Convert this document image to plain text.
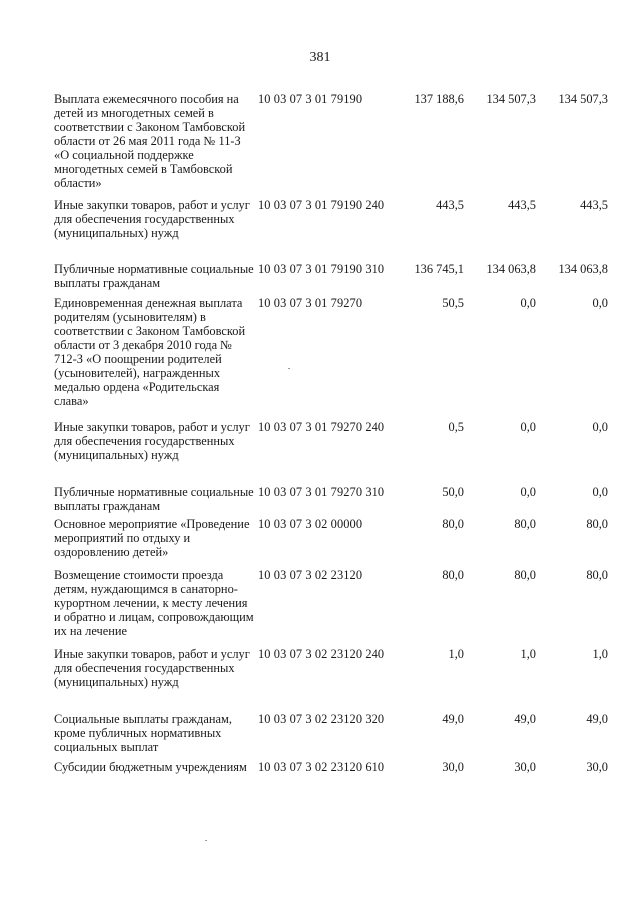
381
Выплата ежемесячного пособия на детей из многодетных семей в соответствии с Законом Тамбовской области от 26 мая 2011 года № 11-З «О социальной поддержке многодетных семей в Тамбовской области»
10 03 07 3 01 79190	137 188,6	134 507,3	134 507,3
Иные закупки товаров, работ и услуг для обеспечения государственных (муниципальных) нужд
10 03 07 3 01 79190 240	443,5	443,5	443,5
Публичные нормативные социальные выплаты гражданам
10 03 07 3 01 79190 310	136 745,1	134 063,8	134 063,8
Единовременная денежная выплата родителям (усыновителям) в соответствии с Законом Тамбовской области от 3 декабря 2010 года № 712-З «О поощрении родителей (усыновителей), награжденных медалью ордена «Родительская слава»
10 03 07 3 01 79270	50,5	0,0	0,0
Иные закупки товаров, работ и услуг для обеспечения государственных (муниципальных) нужд
10 03 07 3 01 79270 240	0,5	0,0	0,0
Публичные нормативные социальные выплаты гражданам
10 03 07 3 01 79270 310	50,0	0,0	0,0
Основное мероприятие «Проведение мероприятий по отдыху и оздоровлению детей»
10 03 07 3 02 00000	80,0	80,0	80,0
Возмещение стоимости проезда детям, нуждающимся в санаторно-курортном лечении, к месту лечения и обратно и лицам, сопровождающим их на лечение
10 03 07 3 02 23120	80,0	80,0	80,0
Иные закупки товаров, работ и услуг для обеспечения государственных (муниципальных) нужд
10 03 07 3 02 23120 240	1,0	1,0	1,0
Социальные выплаты гражданам, кроме публичных нормативных социальных выплат
10 03 07 3 02 23120 320	49,0	49,0	49,0
Субсидии бюджетным учреждениям 10 03 07 3 02 23120 610	30,0	30,0	30,0
